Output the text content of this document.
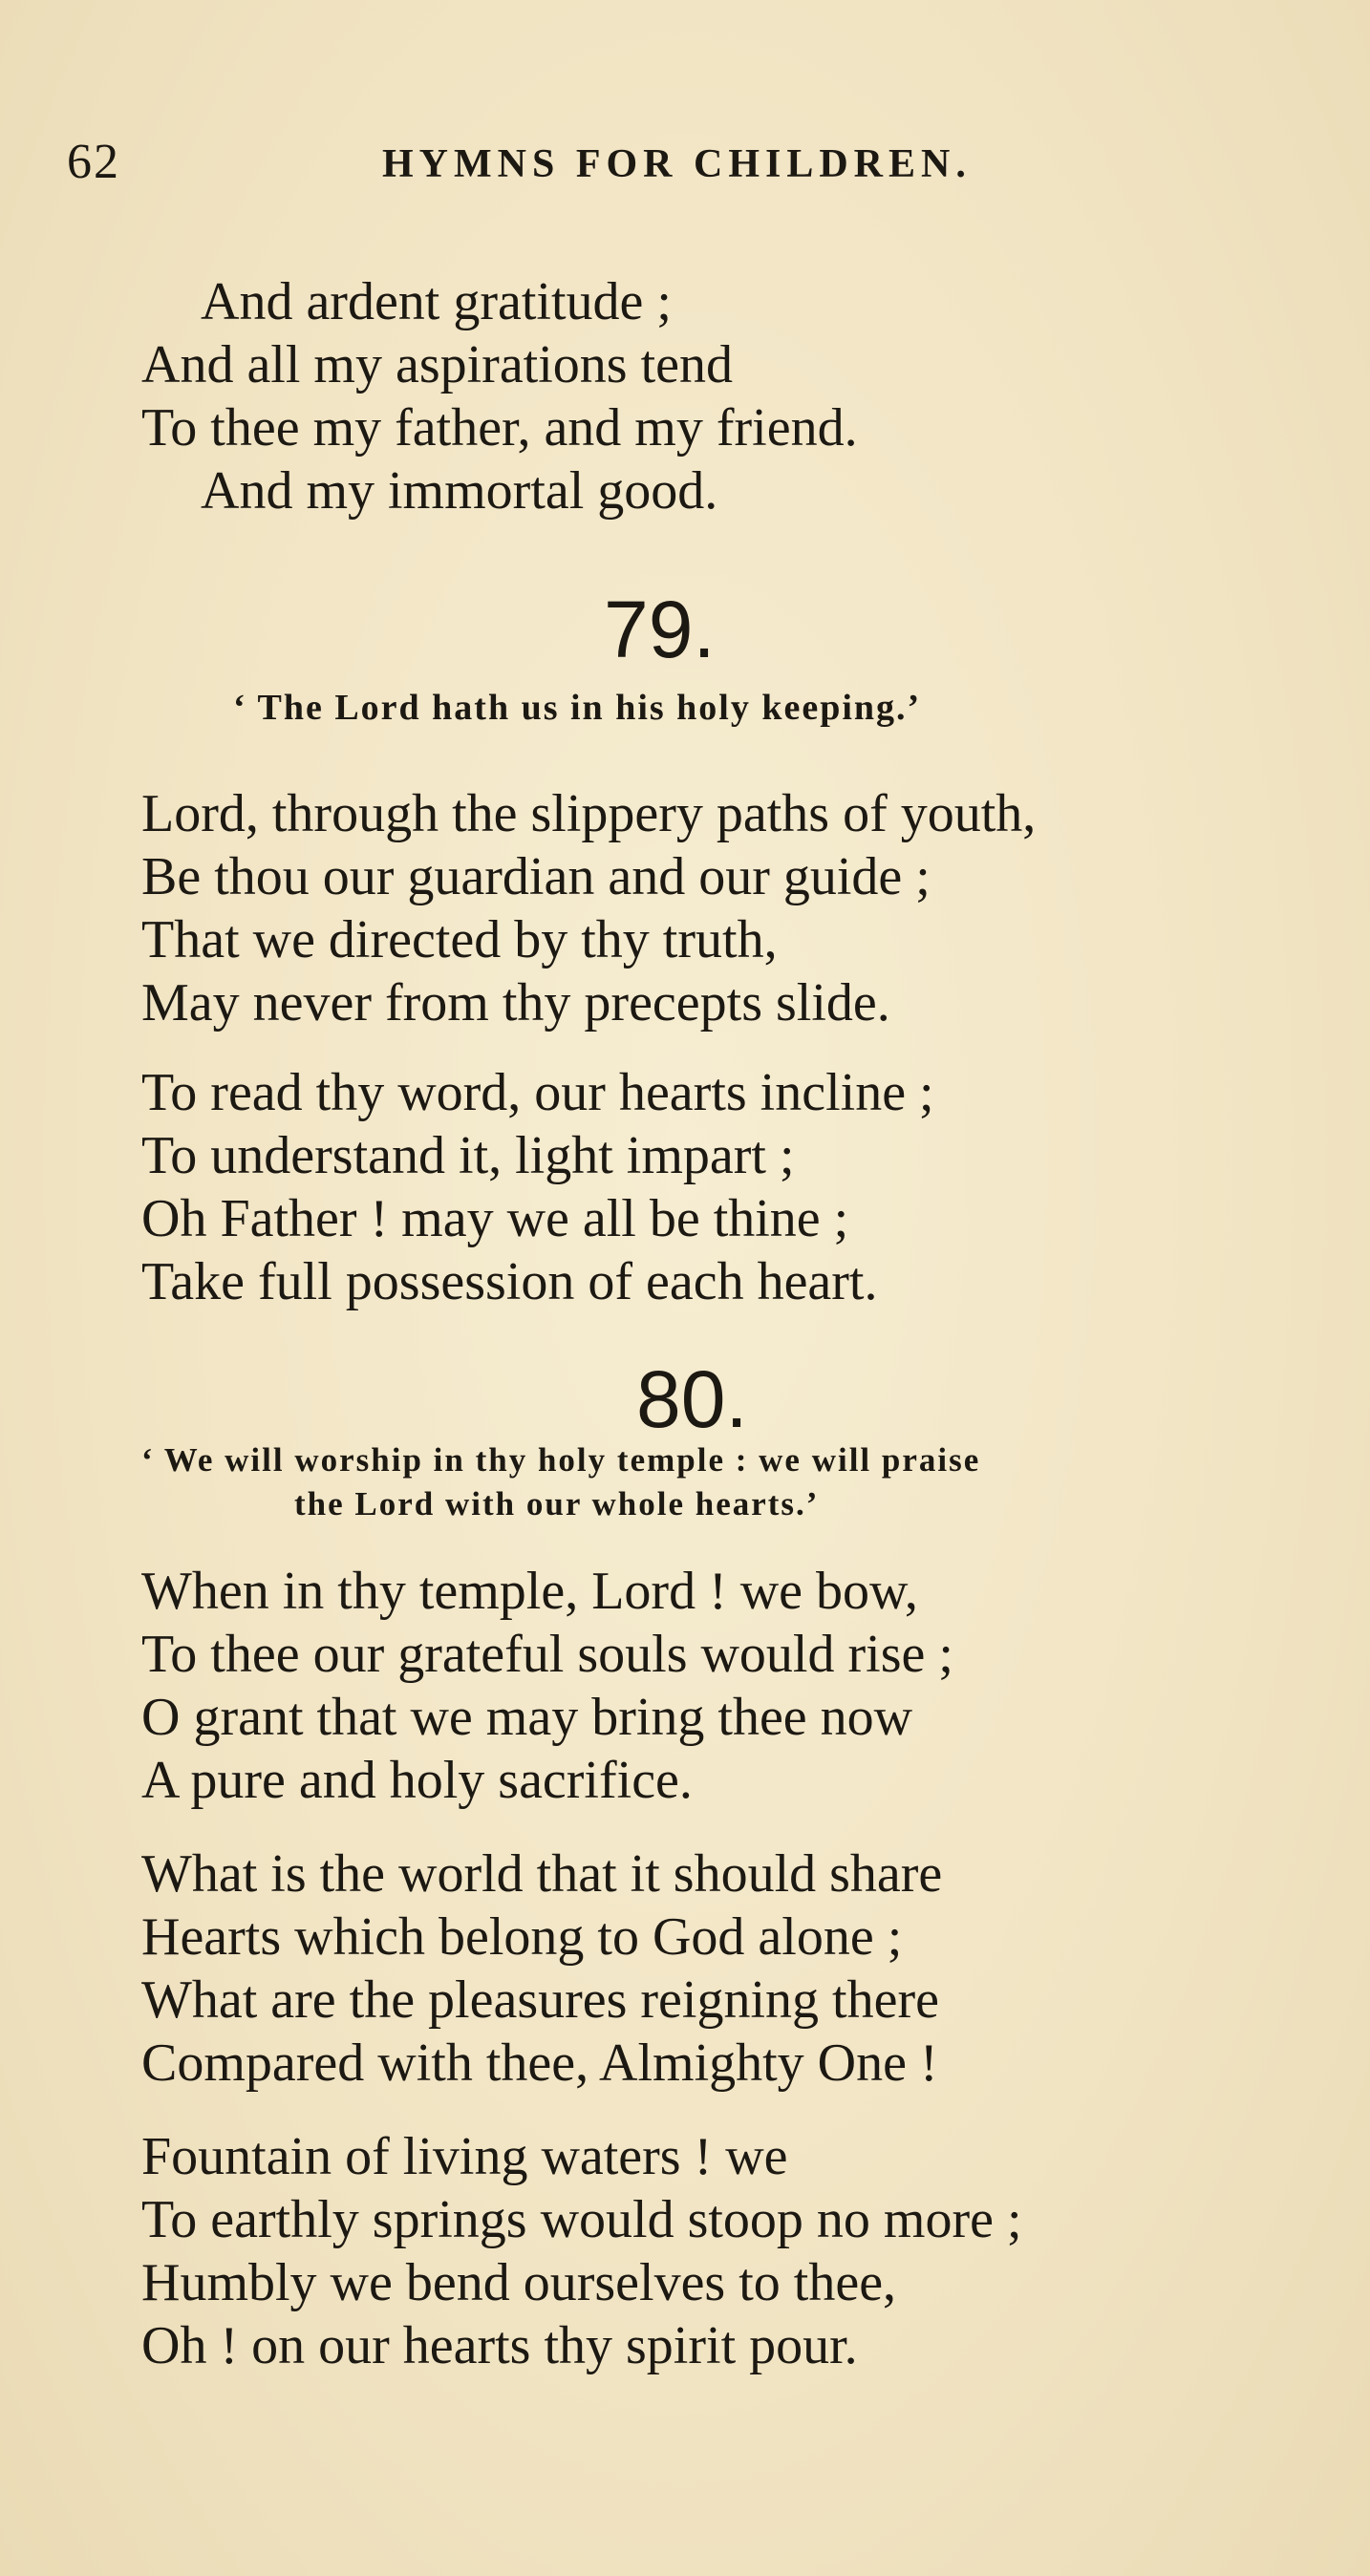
62	HYMNS FOR CHILDREN.
And ardent gratitude ;
And all my aspirations tend
To thee my father, and my friend.
And my immortal good.
79.
‘ The Lord hath us in his holy keeping.’
Lord, through the slippery paths of youth,
Be thou our guardian and our guide ;
That we directed by thy truth,
May never from thy precepts slide.
To read thy word, our hearts incline ;
To understand it, light impart ;
Oh Father ! may we all be thine ;
Take full possession of each heart.
80.
‘ We will worship in thy holy temple : we will praise
the Lord with our whole hearts.’
When in thy temple, Lord ! we bow,
To thee our grateful souls would rise ;
O grant that we may bring thee now
A pure and holy sacrifice.
What is the world that it should share
Hearts which belong to God alone ;
What are the pleasures reigning there
Compared with thee, Almighty One !
Fountain of living waters ! we
To earthly springs would stoop no more ;
Humbly we bend ourselves to thee,
Oh ! on our hearts thy spirit pour.
